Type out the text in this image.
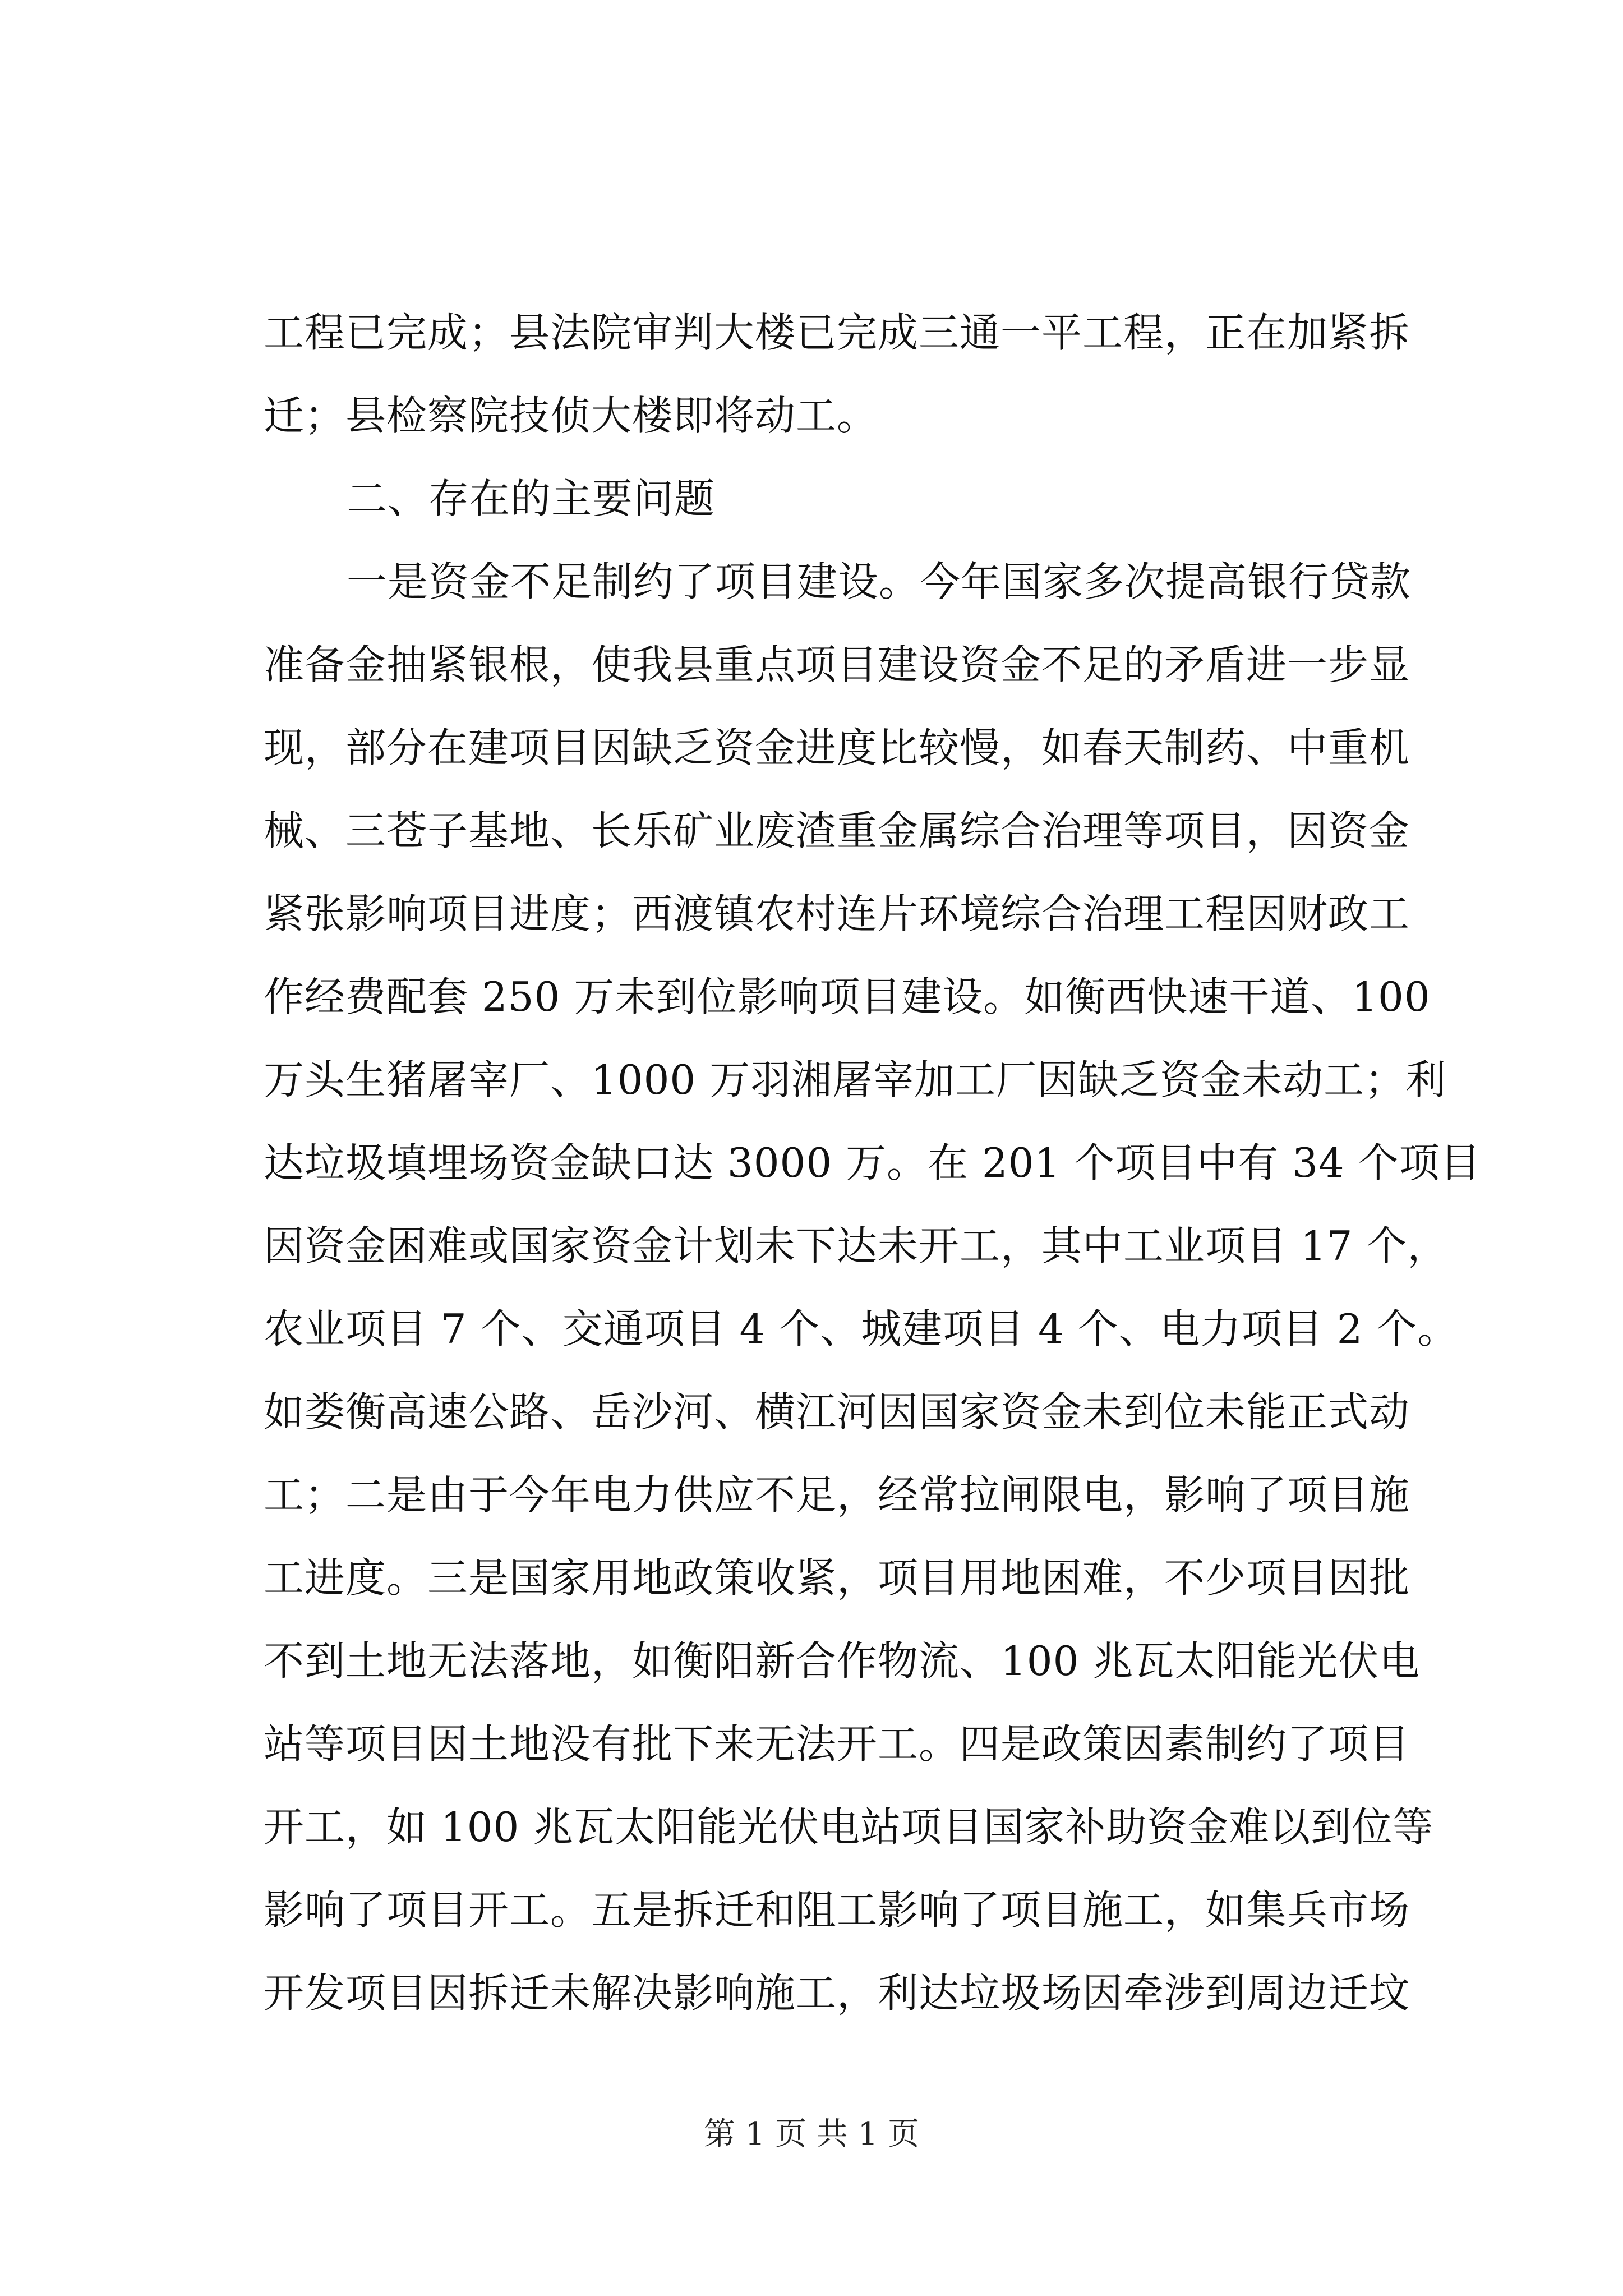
工程已完成；县法院审判大楼已完成三通一平工程，正在加紧拆
迁；县检察院技侦大楼即将动工。
二、存在的主要问题
一是资金不足制约了项目建设。今年国家多次提高银行贷款
准备金抽紧银根，使我县重点项目建设资金不足的矛盾进一步显
现，部分在建项目因缺乏资金进度比较慢，如春天制药、中重机
械、三苍子基地、长乐矿业废渣重金属综合治理等项目，因资金
紧张影响项目进度；西渡镇农村连片环境综合治理工程因财政工
作经费配套 250 万未到位影响项目建设。如衡西快速干道、100
万头生猪屠宰厂、1000 万羽湘屠宰加工厂因缺乏资金未动工；利
达垃圾填埋场资金缺口达 3000 万。在 201 个项目中有 34 个项目
因资金困难或国家资金计划未下达未开工，其中工业项目 17 个，
农业项目 7 个、交通项目 4 个、城建项目 4 个、电力项目 2 个。
如娄衡高速公路、岳沙河、横江河因国家资金未到位未能正式动
工；二是由于今年电力供应不足，经常拉闸限电，影响了项目施
工进度。三是国家用地政策收紧，项目用地困难，不少项目因批
不到土地无法落地，如衡阳新合作物流、100 兆瓦太阳能光伏电
站等项目因土地没有批下来无法开工。四是政策因素制约了项目
开工，如 100 兆瓦太阳能光伏电站项目国家补助资金难以到位等
影响了项目开工。五是拆迁和阻工影响了项目施工，如集兵市场
开发项目因拆迁未解决影响施工，利达垃圾场因牵涉到周边迁坟
第 1 页 共 1 页
